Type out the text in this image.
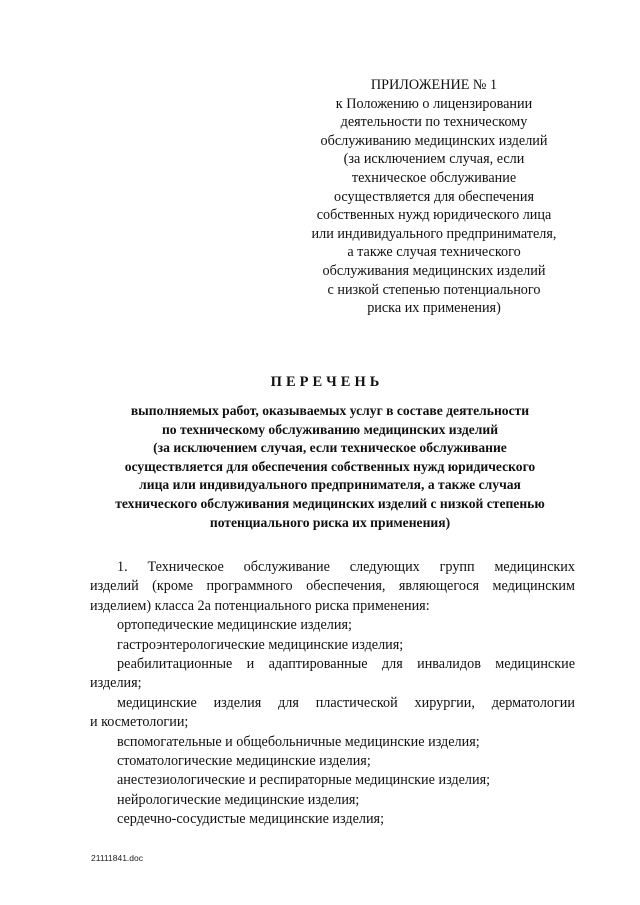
ПРИЛОЖЕНИЕ № 1
к Положению о лицензировании
деятельности по техническому
обслуживанию медицинских изделий
(за исключением случая, если
техническое обслуживание
осуществляется для обеспечения
собственных нужд юридического лица
или индивидуального предпринимателя,
а также случая технического
обслуживания медицинских изделий
с низкой степенью потенциального
риска их применения)
ПЕРЕЧЕНЬ
выполняемых работ, оказываемых услуг в составе деятельности
по техническому обслуживанию медицинских изделий
(за исключением случая, если техническое обслуживание
осуществляется для обеспечения собственных нужд юридического
лица или индивидуального предпринимателя, а также случая
технического обслуживания медицинских изделий с низкой степенью
потенциального риска их применения)

1. Техническое обслуживание следующих групп медицинских

изделий (кроме программного обеспечения, являющегося медицинским

изделием) класса 2а потенциального риска применения:

ортопедические медицинские изделия;

гастроэнтерологические медицинские изделия;

реабилитационные и адаптированные для инвалидов медицинские

изделия;

медицинские изделия для пластической хирургии, дерматологии

и косметологии;

вспомогательные и общебольничные медицинские изделия;

стоматологические медицинские изделия;

анестезиологические и респираторные медицинские изделия;

нейрологические медицинские изделия;

сердечно-сосудистые медицинские изделия;

21111841.doc
